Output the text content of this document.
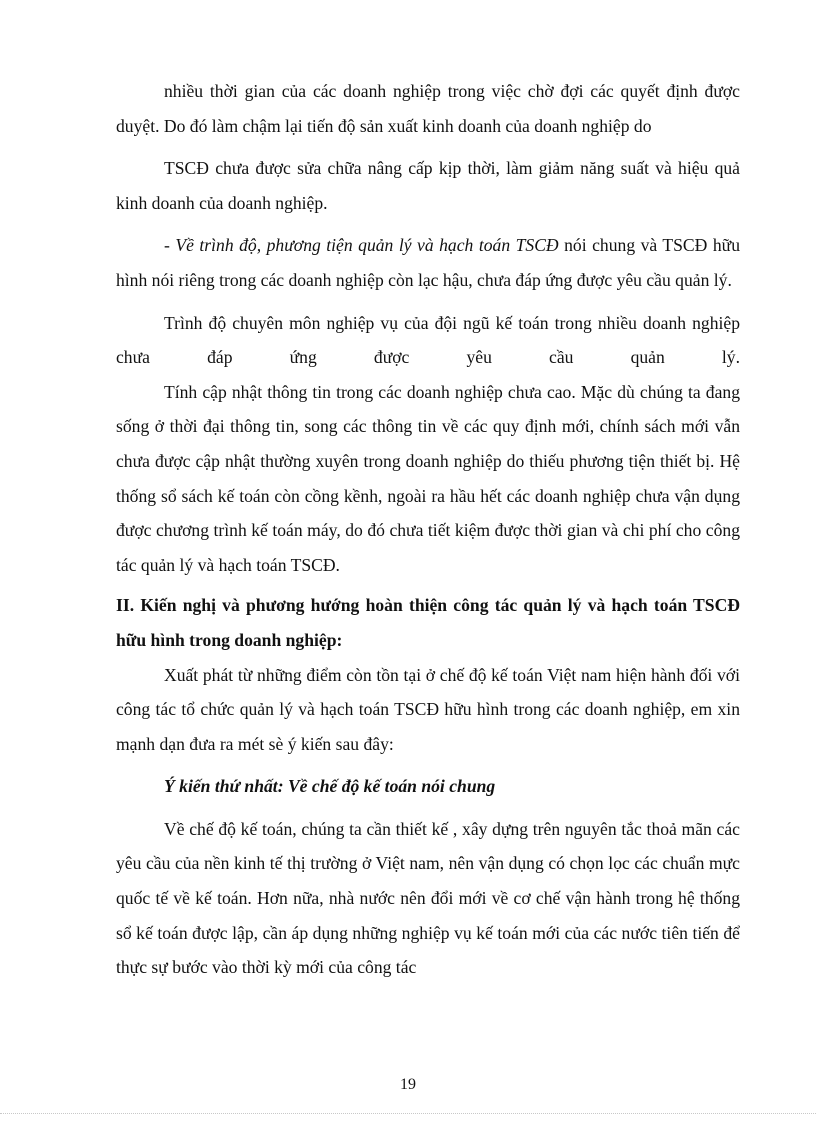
nhiều thời gian của các doanh nghiệp trong việc chờ đợi các quyết định được duyệt. Do đó làm chậm lại tiến độ sản xuất kinh doanh của doanh nghiệp do

TSCĐ chưa được sửa chữa nâng cấp kịp thời, làm giảm năng suất và hiệu quả kinh doanh của doanh nghiệp.

- Về trình độ, phương tiện quản lý và hạch toán TSCĐ nói chung và TSCĐ hữu hình nói riêng trong các doanh nghiệp còn lạc hậu, chưa đáp ứng được yêu cầu quản lý.

Trình độ chuyên môn nghiệp vụ của đội ngũ kế toán trong nhiều doanh nghiệp chưa đáp ứng được yêu cầu quản lý.

Tính cập nhật thông tin trong các doanh nghiệp chưa cao. Mặc dù chúng ta đang sống ở thời đại thông tin, song các thông tin về các quy định mới, chính sách mới vẫn chưa được cập nhật thường xuyên trong doanh nghiệp do thiếu phương tiện thiết bị. Hệ thống sổ sách kế toán còn cồng kềnh, ngoài ra hầu hết các doanh nghiệp chưa vận dụng được chương trình kế toán máy, do đó chưa tiết kiệm được thời gian và chi phí cho công tác quản lý và hạch toán TSCĐ.

II. Kiến nghị và phương hướng hoàn thiện công tác quản lý và hạch toán TSCĐ hữu hình trong doanh nghiệp:

Xuất phát từ những điểm còn tồn tại ở chế độ kế toán Việt nam hiện hành đối với công tác tổ chức quản lý và hạch toán TSCĐ hữu hình trong các doanh nghiệp, em xin mạnh dạn đưa ra mét sè ý kiến sau đây:

Ý kiến thứ nhất: Về chế độ kế toán nói chung

Về chế độ kế toán, chúng ta cần thiết kế , xây dựng trên nguyên tắc thoả mãn các yêu cầu của nền kinh tế thị trường ở Việt nam, nên vận dụng có chọn lọc các chuẩn mực quốc tế về kế toán. Hơn nữa, nhà nước nên đổi mới về cơ chế vận hành trong hệ thống sổ kế toán được lập, cần áp dụng những nghiệp vụ kế toán mới của các nước tiên tiến để thực sự bước vào thời kỳ mới của công tác

19
